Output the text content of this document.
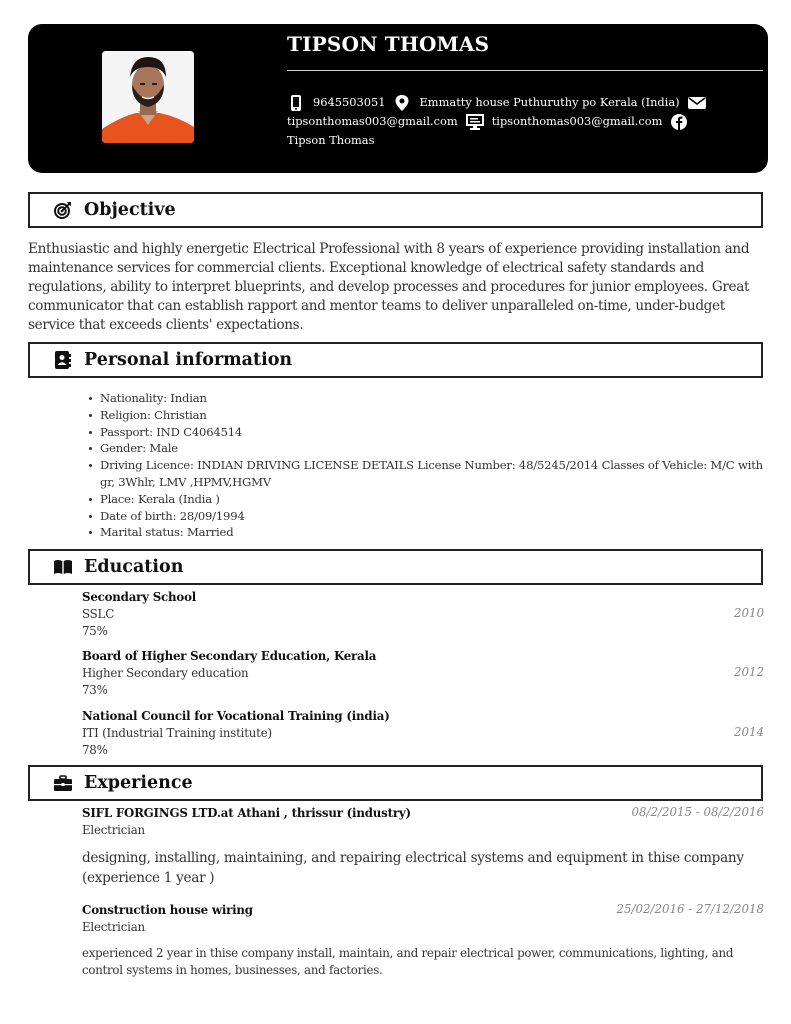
TIPSON THOMAS
9645503051	Emmatty house Puthuruthy po Kerala (India)
tipsonthomas003@gmail.com	tipsonthomas003@gmail.com
Tipson Thomas
Objective
Enthusiastic and highly energetic Electrical Professional with 8 years of experience providing installation and maintenance services for commercial clients. Exceptional knowledge of electrical safety standards and regulations, ability to interpret blueprints, and develop processes and procedures for junior employees. Great communicator that can establish rapport and mentor teams to deliver unparalleled on-time, under-budget service that exceeds clients' expectations.
Personal information
Nationality: Indian
Religion: Christian
Passport: IND C4064514
Gender: Male
Driving Licence: INDIAN DRIVING LICENSE DETAILS License Number: 48/5245/2014 Classes of Vehicle: M/C with gr, 3Whlr, LMV ,HPMV,HGMV
Place: Kerala (India )
Date of birth: 28/09/1994
Marital status: Married
Education
Secondary School
2010
SSLC
75%
Board of Higher Secondary Education, Kerala
2012
Higher Secondary education
73%
National Council for Vocational Training (india)
2014
ITI (Industrial Training institute)
78%
Experience
SIFL FORGINGS LTD.at Athani , thrissur (industry)	08/2/2015 - 08/2/2016
Electrician
designing, installing, maintaining, and repairing electrical systems and equipment in thise company (experience 1 year )
Construction house wiring	25/02/2016 - 27/12/2018
Electrician
experienced 2 year in thise company install, maintain, and repair electrical power, communications, lighting, and control systems in homes, businesses, and factories.
